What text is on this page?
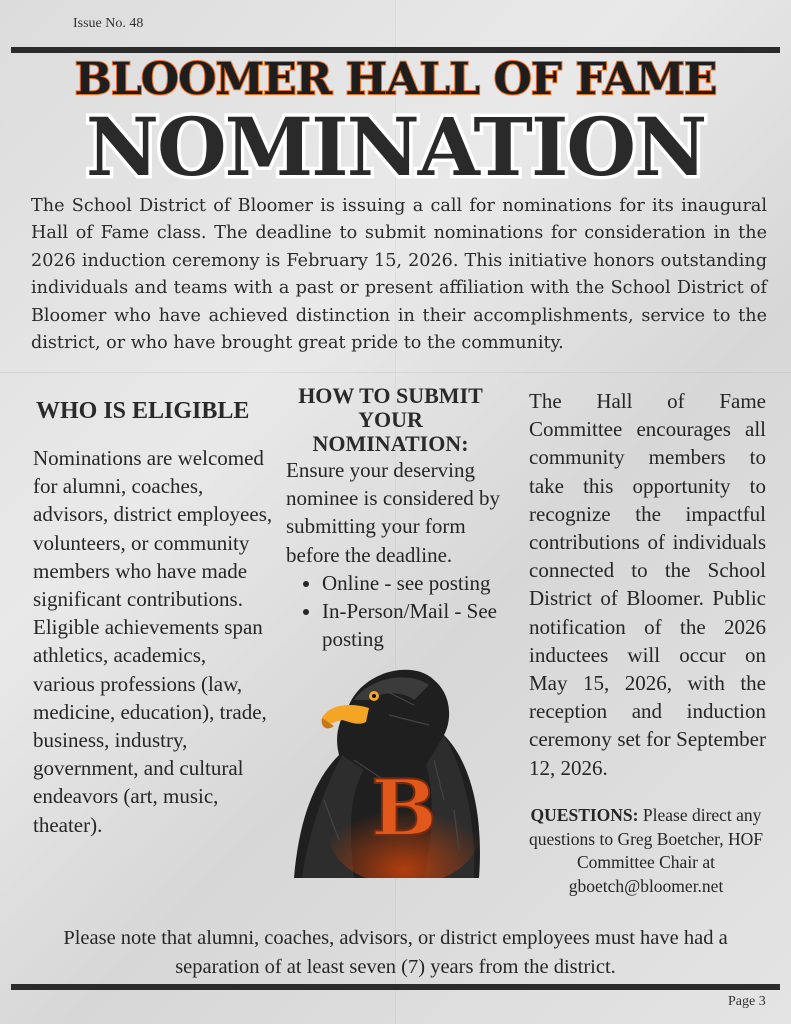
Issue No. 48
BLOOMER HALL OF FAME
NOMINATION
The School District of Bloomer is issuing a call for nominations for its inaugural Hall of Fame class. The deadline to submit nominations for consideration in the 2026 induction ceremony is February 15, 2026. This initiative honors outstanding individuals and teams with a past or present affiliation with the School District of Bloomer who have achieved distinction in their accomplishments, service to the district, or who have brought great pride to the community.
WHO IS ELIGIBLE
Nominations are welcomed for alumni, coaches, advisors, district employees, volunteers, or community members who have made significant contributions. Eligible achievements span athletics, academics, various professions (law, medicine, education), trade, business, industry, government, and cultural endeavors (art, music, theater).
HOW TO SUBMIT YOUR NOMINATION:
Ensure your deserving nominee is considered by submitting your form before the deadline.
• Online - see posting
• In-Person/Mail - See posting
B
The Hall of Fame Committee encourages all community members to take this opportunity to recognize the impactful contributions of individuals connected to the School District of Bloomer. Public notification of the 2026 inductees will occur on May 15, 2026, with the reception and induction ceremony set for September 12, 2026.
QUESTIONS: Please direct any questions to Greg Boetcher, HOF Committee Chair at gboetch@bloomer.net
Please note that alumni, coaches, advisors, or district employees must have had a separation of at least seven (7) years from the district.
Page 3
